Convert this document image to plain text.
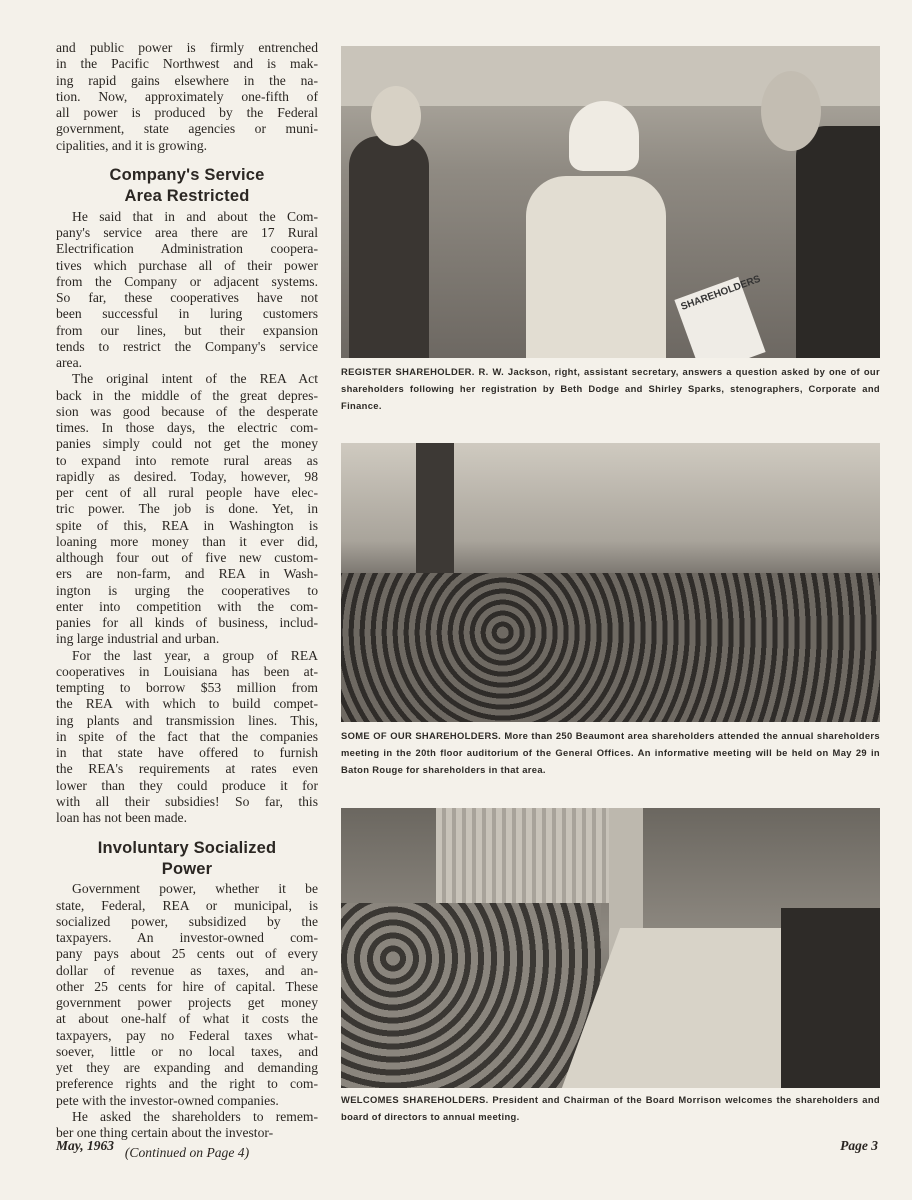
and public power is firmly entrenched
in the Pacific Northwest and is mak-
ing rapid gains elsewhere in the na-
tion. Now, approximately one-fifth of
all power is produced by the Federal
government, state agencies or muni-
cipalities, and it is growing.
Company's Service
Area Restricted
He said that in and about the Com-
pany's service area there are 17 Rural
Electrification Administration coopera-
tives which purchase all of their power
from the Company or adjacent systems.
So far, these cooperatives have not
been successful in luring customers
from our lines, but their expansion
tends to restrict the Company's service
area.
The original intent of the REA Act
back in the middle of the great depres-
sion was good because of the desperate
times. In those days, the electric com-
panies simply could not get the money
to expand into remote rural areas as
rapidly as desired. Today, however, 98
per cent of all rural people have elec-
tric power. The job is done. Yet, in
spite of this, REA in Washington is
loaning more money than it ever did,
although four out of five new custom-
ers are non-farm, and REA in Wash-
ington is urging the cooperatives to
enter into competition with the com-
panies for all kinds of business, includ-
ing large industrial and urban.
For the last year, a group of REA
cooperatives in Louisiana has been at-
tempting to borrow $53 million from
the REA with which to build compet-
ing plants and transmission lines. This,
in spite of the fact that the companies
in that state have offered to furnish
the REA's requirements at rates even
lower than they could produce it for
with all their subsidies! So far, this
loan has not been made.
Involuntary Socialized
Power
Government power, whether it be
state, Federal, REA or municipal, is
socialized power, subsidized by the
taxpayers. An investor-owned com-
pany pays about 25 cents out of every
dollar of revenue as taxes, and an-
other 25 cents for hire of capital. These
government power projects get money
at about one-half of what it costs the
taxpayers, pay no Federal taxes what-
soever, little or no local taxes, and
yet they are expanding and demanding
preference rights and the right to com-
pete with the investor-owned companies.
He asked the shareholders to remem-
ber one thing certain about the investor-
(Continued on Page 4)
SHAREHOLDERS
REGISTER SHAREHOLDER. R. W. Jackson, right, assistant secretary, answers a question asked by one of our shareholders following her registration by Beth Dodge and Shirley Sparks, stenographers, Corporate and Finance.
SOME OF OUR SHAREHOLDERS. More than 250 Beaumont area shareholders attended the annual shareholders meeting in the 20th floor auditorium of the General Offices. An informative meeting will be held on May 29 in Baton Rouge for shareholders in that area.
WELCOMES SHAREHOLDERS. President and Chairman of the Board Morrison welcomes the shareholders and board of directors to annual meeting.
May, 1963	Page 3
